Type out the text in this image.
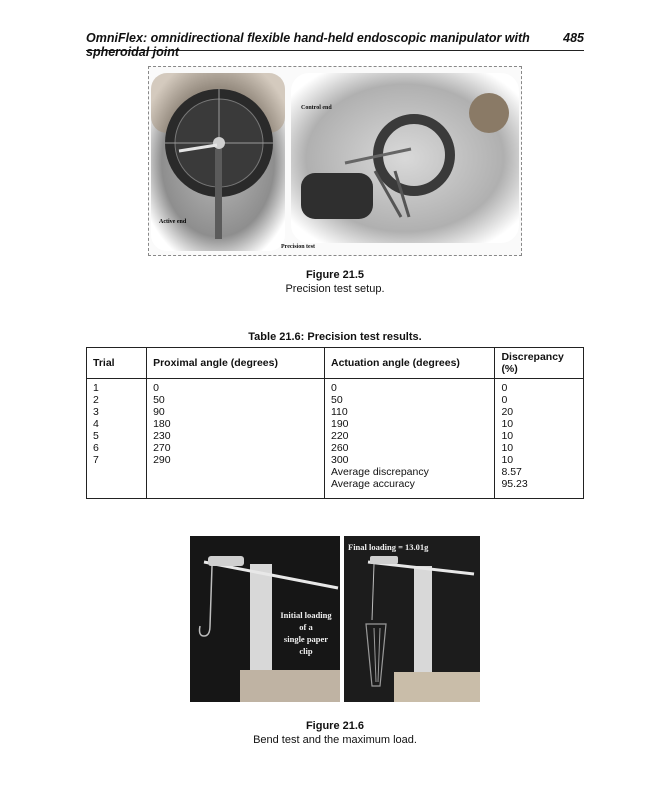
OmniFlex: omnidirectional flexible hand-held endoscopic manipulator with spheroidal joint
485
Active end
Control end
Precision test
Figure 21.5
Precision test setup.
Table 21.6: Precision test results.
Trial	Proximal angle (degrees)	Actuation angle (degrees)	Discrepancy (%)
1	0	0	0
2	50	50	0
3	90	110	20
4	180	190	10
5	230	220	10
6	270	260	10
7	290	300	10
		Average discrepancy	8.57
		Average accuracy	95.23
Initial loading
of a
single paper
clip
Final loading = 13.01g
Figure 21.6
Bend test and the maximum load.
